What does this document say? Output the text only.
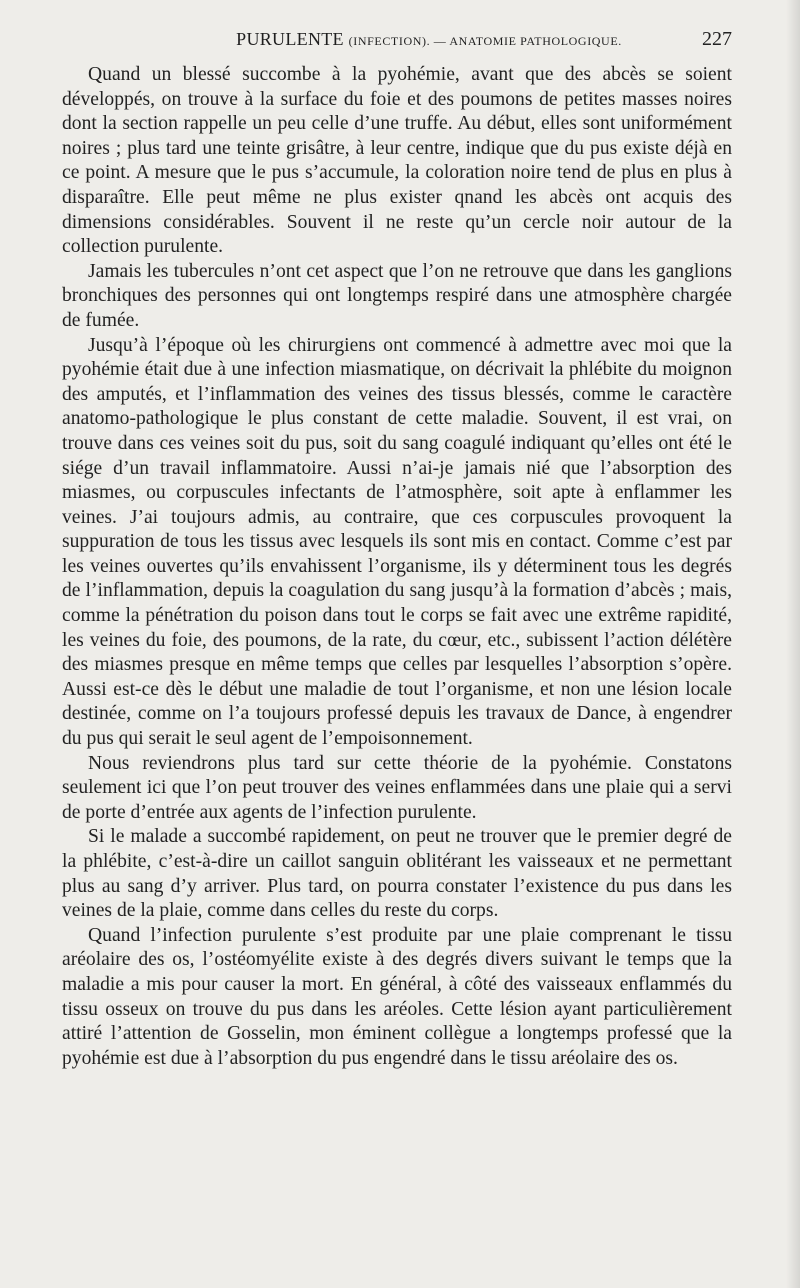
PURULENTE (INFECTION). — ANATOMIE PATHOLOGIQUE.	227

Quand un blessé succombe à la pyohémie, avant que des abcès se soient développés, on trouve à la surface du foie et des poumons de petites masses noires dont la section rappelle un peu celle d’une truffe. Au début, elles sont uniformément noires ; plus tard une teinte grisâtre, à leur centre, indique que du pus existe déjà en ce point. A mesure que le pus s’accumule, la coloration noire tend de plus en plus à disparaître. Elle peut même ne plus exister qnand les abcès ont acquis des dimensions considérables. Souvent il ne reste qu’un cercle noir autour de la collection purulente.

Jamais les tubercules n’ont cet aspect que l’on ne retrouve que dans les ganglions bronchiques des personnes qui ont longtemps respiré dans une atmosphère chargée de fumée.

Jusqu’à l’époque où les chirurgiens ont commencé à admettre avec moi que la pyohémie était due à une infection miasmatique, on décrivait la phlébite du moignon des amputés, et l’inflammation des veines des tissus blessés, comme le caractère anatomo-pathologique le plus constant de cette maladie. Souvent, il est vrai, on trouve dans ces veines soit du pus, soit du sang coagulé indiquant qu’elles ont été le siége d’un travail inflammatoire. Aussi n’ai-je jamais nié que l’absorption des miasmes, ou corpuscules infectants de l’atmosphère, soit apte à enflammer les veines. J’ai toujours admis, au contraire, que ces corpuscules provoquent la suppuration de tous les tissus avec lesquels ils sont mis en contact. Comme c’est par les veines ouvertes qu’ils envahissent l’organisme, ils y déterminent tous les degrés de l’inflammation, depuis la coagulation du sang jusqu’à la formation d’abcès ; mais, comme la pénétration du poison dans tout le corps se fait avec une extrême rapidité, les veines du foie, des poumons, de la rate, du cœur, etc., subissent l’action délétère des miasmes presque en même temps que celles par lesquelles l’absorption s’opère. Aussi est-ce dès le début une maladie de tout l’organisme, et non une lésion locale destinée, comme on l’a toujours professé depuis les travaux de Dance, à engendrer du pus qui serait le seul agent de l’empoisonnement.

Nous reviendrons plus tard sur cette théorie de la pyohémie. Constatons seulement ici que l’on peut trouver des veines enflammées dans une plaie qui a servi de porte d’entrée aux agents de l’infection purulente.

Si le malade a succombé rapidement, on peut ne trouver que le premier degré de la phlébite, c’est-à-dire un caillot sanguin oblitérant les vaisseaux et ne permettant plus au sang d’y arriver. Plus tard, on pourra constater l’existence du pus dans les veines de la plaie, comme dans celles du reste du corps.

Quand l’infection purulente s’est produite par une plaie comprenant le tissu aréolaire des os, l’ostéomyélite existe à des degrés divers suivant le temps que la maladie a mis pour causer la mort. En général, à côté des vaisseaux enflammés du tissu osseux on trouve du pus dans les aréoles. Cette lésion ayant particulièrement attiré l’attention de Gosselin, mon éminent collègue a longtemps professé que la pyohémie est due à l’absorption du pus engendré dans le tissu aréolaire des os.
